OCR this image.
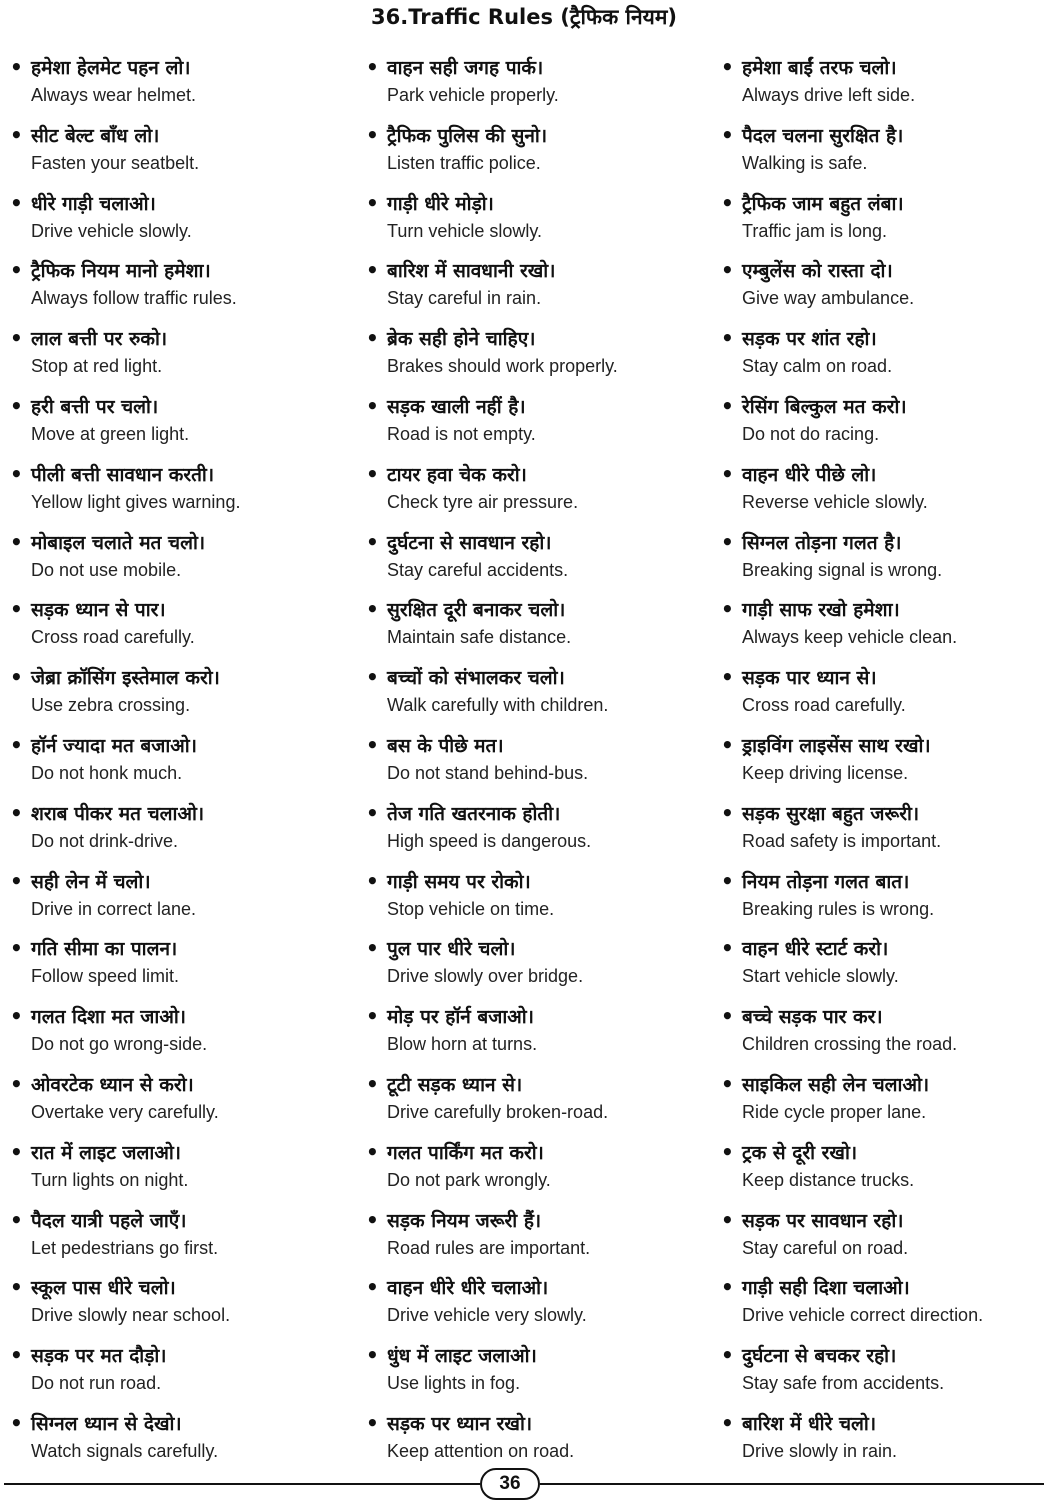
36.Traffic Rules (ट्रैफिक नियम)
• हमेशा हेलमेट पहन लो।
Always wear helmet.
• सीट बेल्ट बाँध लो।
Fasten your seatbelt.
• धीरे गाड़ी चलाओ।
Drive vehicle slowly.
• ट्रैफिक नियम मानो हमेशा।
Always follow traffic rules.
• लाल बत्ती पर रुको।
Stop at red light.
• हरी बत्ती पर चलो।
Move at green light.
• पीली बत्ती सावधान करती।
Yellow light gives warning.
• मोबाइल चलाते मत चलो।
Do not use mobile.
• सड़क ध्यान से पार।
Cross road carefully.
• जेब्रा क्रॉसिंग इस्तेमाल करो।
Use zebra crossing.
• हॉर्न ज्यादा मत बजाओ।
Do not honk much.
• शराब पीकर मत चलाओ।
Do not drink-drive.
• सही लेन में चलो।
Drive in correct lane.
• गति सीमा का पालन।
Follow speed limit.
• गलत दिशा मत जाओ।
Do not go wrong-side.
• ओवरटेक ध्यान से करो।
Overtake very carefully.
• रात में लाइट जलाओ।
Turn lights on night.
• पैदल यात्री पहले जाएँ।
Let pedestrians go first.
• स्कूल पास धीरे चलो।
Drive slowly near school.
• सड़क पर मत दौड़ो।
Do not run road.
• सिग्नल ध्यान से देखो।
Watch signals carefully.
• वाहन सही जगह पार्क।
Park vehicle properly.
• ट्रैफिक पुलिस की सुनो।
Listen traffic police.
• गाड़ी धीरे मोड़ो।
Turn vehicle slowly.
• बारिश में सावधानी रखो।
Stay careful in rain.
• ब्रेक सही होने चाहिए।
Brakes should work properly.
• सड़क खाली नहीं है।
Road is not empty.
• टायर हवा चेक करो।
Check tyre air pressure.
• दुर्घटना से सावधान रहो।
Stay careful accidents.
• सुरक्षित दूरी बनाकर चलो।
Maintain safe distance.
• बच्चों को संभालकर चलो।
Walk carefully with children.
• बस के पीछे मत।
Do not stand behind-bus.
• तेज गति खतरनाक होती।
High speed is dangerous.
• गाड़ी समय पर रोको।
Stop vehicle on time.
• पुल पार धीरे चलो।
Drive slowly over bridge.
• मोड़ पर हॉर्न बजाओ।
Blow horn at turns.
• टूटी सड़क ध्यान से।
Drive carefully broken-road.
• गलत पार्किंग मत करो।
Do not park wrongly.
• सड़क नियम जरूरी हैं।
Road rules are important.
• वाहन धीरे धीरे चलाओ।
Drive vehicle very slowly.
• धुंध में लाइट जलाओ।
Use lights in fog.
• सड़क पर ध्यान रखो।
Keep attention on road.
• हमेशा बाईं तरफ चलो।
Always drive left side.
• पैदल चलना सुरक्षित है।
Walking is safe.
• ट्रैफिक जाम बहुत लंबा।
Traffic jam is long.
• एम्बुलेंस को रास्ता दो।
Give way ambulance.
• सड़क पर शांत रहो।
Stay calm on road.
• रेसिंग बिल्कुल मत करो।
Do not do racing.
• वाहन धीरे पीछे लो।
Reverse vehicle slowly.
• सिग्नल तोड़ना गलत है।
Breaking signal is wrong.
• गाड़ी साफ रखो हमेशा।
Always keep vehicle clean.
• सड़क पार ध्यान से।
Cross road carefully.
• ड्राइविंग लाइसेंस साथ रखो।
Keep driving license.
• सड़क सुरक्षा बहुत जरूरी।
Road safety is important.
• नियम तोड़ना गलत बात।
Breaking rules is wrong.
• वाहन धीरे स्टार्ट करो।
Start vehicle slowly.
• बच्चे सड़क पार कर।
Children crossing the road.
• साइकिल सही लेन चलाओ।
Ride cycle proper lane.
• ट्रक से दूरी रखो।
Keep distance trucks.
• सड़क पर सावधान रहो।
Stay careful on road.
• गाड़ी सही दिशा चलाओ।
Drive vehicle correct direction.
• दुर्घटना से बचकर रहो।
Stay safe from accidents.
• बारिश में धीरे चलो।
Drive slowly in rain.
36
